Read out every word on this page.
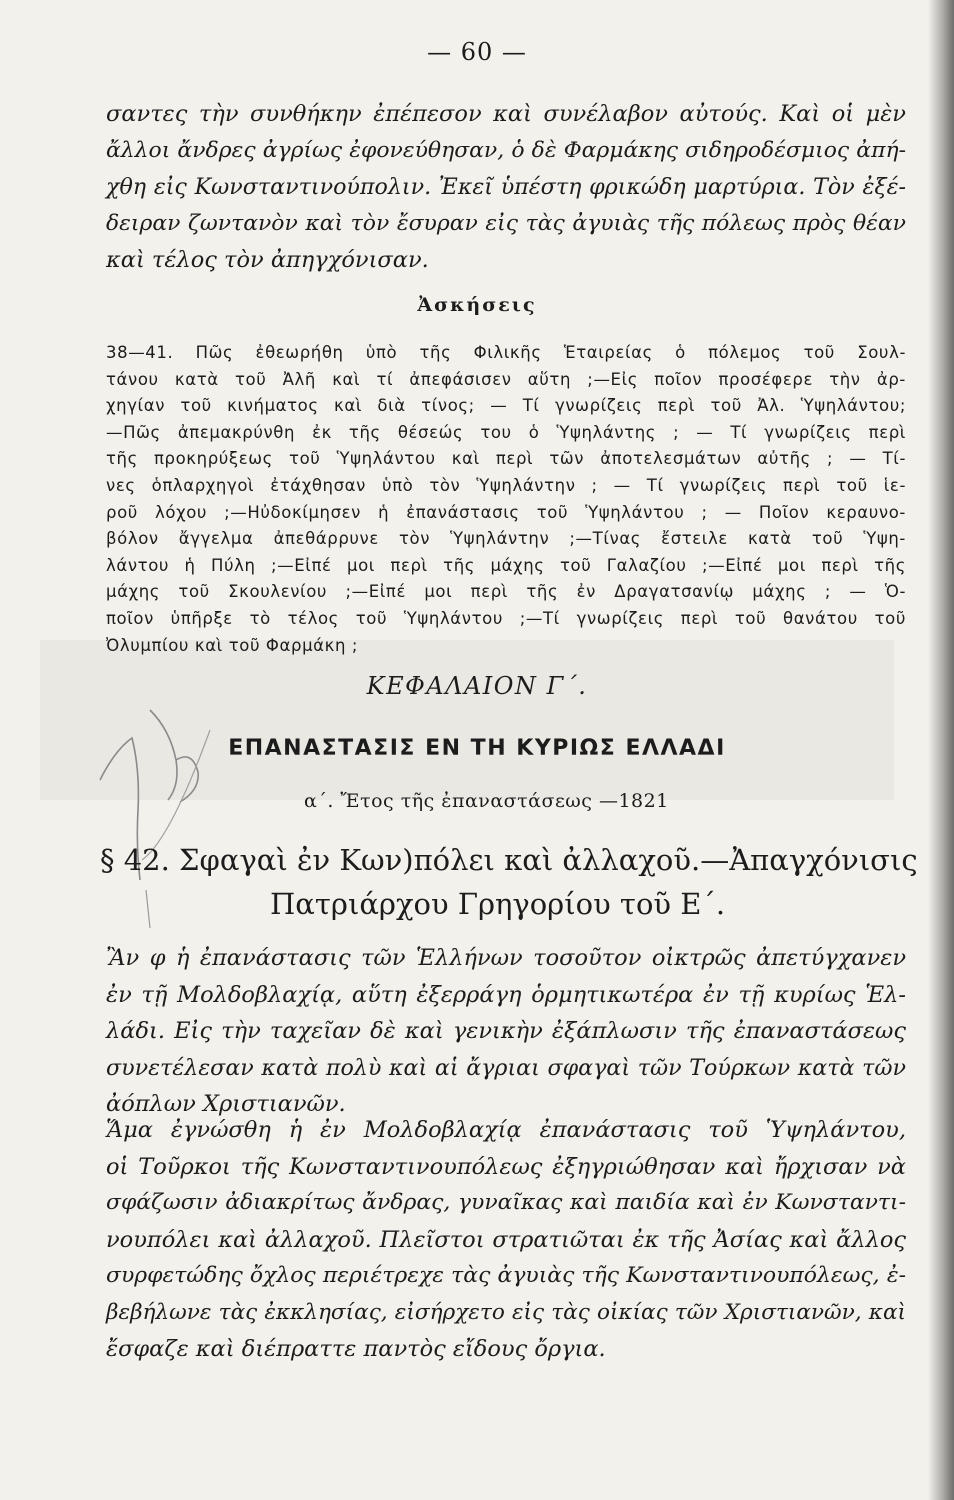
— 60 —
σαντες τὴν συνθήκην ἐπέπεσον καὶ συνέλαβον αὐτούς. Καὶ οἱ μὲν
ἄλλοι ἄνδρες ἀγρίως ἐφονεύθησαν, ὁ δὲ Φαρμάκης σιδηροδέσμιος ἀπή-
χθη εἰς Κωνσταντινούπολιν. Ἐκεῖ ὑπέστη φρικώδη μαρτύρια. Τὸν ἐξέ-
δειραν ζωντανὸν καὶ τὸν ἔσυραν εἰς τὰς ἀγυιὰς τῆς πόλεως πρὸς θέαν
καὶ τέλος τὸν ἀπηγχόνισαν.
Ἀσκήσεις
38—41. Πῶς ἐθεωρήθη ὑπὸ τῆς Φιλικῆς Ἑταιρείας ὁ πόλεμος τοῦ Σουλ-
τάνου κατὰ τοῦ Ἀλῆ καὶ τί ἀπεφάσισεν αὕτη ;—Εἰς ποῖον προσέφερε τὴν ἀρ-
χηγίαν τοῦ κινήματος καὶ διὰ τίνος; — Τί γνωρίζεις περὶ τοῦ Ἀλ. Ὑψηλάντου;
—Πῶς ἀπεμακρύνθη ἐκ τῆς θέσεώς του ὁ Ὑψηλάντης ; — Τί γνωρίζεις περὶ
τῆς προκηρύξεως τοῦ Ὑψηλάντου καὶ περὶ τῶν ἀποτελεσμάτων αὐτῆς ; — Τί-
νες ὁπλαρχηγοὶ ἐτάχθησαν ὑπὸ τὸν Ὑψηλάντην ; — Τί γνωρίζεις περὶ τοῦ ἱε-
ροῦ λόχου ;—Ηὐδοκίμησεν ἡ ἐπανάστασις τοῦ Ὑψηλάντου ; — Ποῖον κεραυνο-
βόλον ἄγγελμα ἀπεθάρρυνε τὸν Ὑψηλάντην ;—Τίνας ἔστειλε κατὰ τοῦ Ὑψη-
λάντου ἡ Πύλη ;—Εἰπέ μοι περὶ τῆς μάχης τοῦ Γαλαζίου ;—Εἰπέ μοι περὶ τῆς
μάχης τοῦ Σκουλενίου ;—Εἰπέ μοι περὶ τῆς ἐν Δραγατσανίῳ μάχης ; — Ὁ-
ποῖον ὑπῆρξε τὸ τέλος τοῦ Ὑψηλάντου ;—Τί γνωρίζεις περὶ τοῦ θανάτου τοῦ
Ὀλυμπίου καὶ τοῦ Φαρμάκη ;
ΚΕΦΑΛΑΙΟΝ Γ΄.
ΕΠΑΝΑΣΤΑΣΙΣ ΕΝ ΤΗ ΚΥΡΙΩΣ ΕΛΛΑΔΙ
α΄. Ἔτος τῆς ἐπαναστάσεως —1821
§ 42. Σφαγαὶ ἐν Κων)πόλει καὶ ἀλλαχοῦ.—Ἀπαγχόνισις
Πατριάρχου Γρηγορίου τοῦ Ε΄.
Ἂν φ ἡ ἐπανάστασις τῶν Ἑλλήνων τοσοῦτον οἰκτρῶς ἀπετύγχανεν
ἐν τῇ Μολδοβλαχίᾳ, αὕτη ἐξερράγη ὁρμητικωτέρα ἐν τῇ κυρίως Ἑλ-
λάδι. Εἰς τὴν ταχεῖαν δὲ καὶ γενικὴν ἐξάπλωσιν τῆς ἐπαναστάσεως
συνετέλεσαν κατὰ πολὺ καὶ αἱ ἄγριαι σφαγαὶ τῶν Τούρκων κατὰ τῶν
ἀόπλων Χριστιανῶν.
Ἅμα ἐγνώσθη ἡ ἐν Μολδοβλαχίᾳ ἐπανάστασις τοῦ Ὑψηλάντου,
οἱ Τοῦρκοι τῆς Κωνσταντινουπόλεως ἐξηγριώθησαν καὶ ἤρχισαν νὰ
σφάζωσιν ἀδιακρίτως ἄνδρας, γυναῖκας καὶ παιδία καὶ ἐν Κωνσταντι-
νουπόλει καὶ ἀλλαχοῦ. Πλεῖστοι στρατιῶται ἐκ τῆς Ἀσίας καὶ ἄλλος
συρφετώδης ὄχλος περιέτρεχε τὰς ἀγυιὰς τῆς Κωνσταντινουπόλεως, ἐ-
βεβήλωνε τὰς ἐκκλησίας, εἰσήρχετο εἰς τὰς οἰκίας τῶν Χριστιανῶν, καὶ
ἔσφαζε καὶ διέπραττε παντὸς εἴδους ὄργια.
